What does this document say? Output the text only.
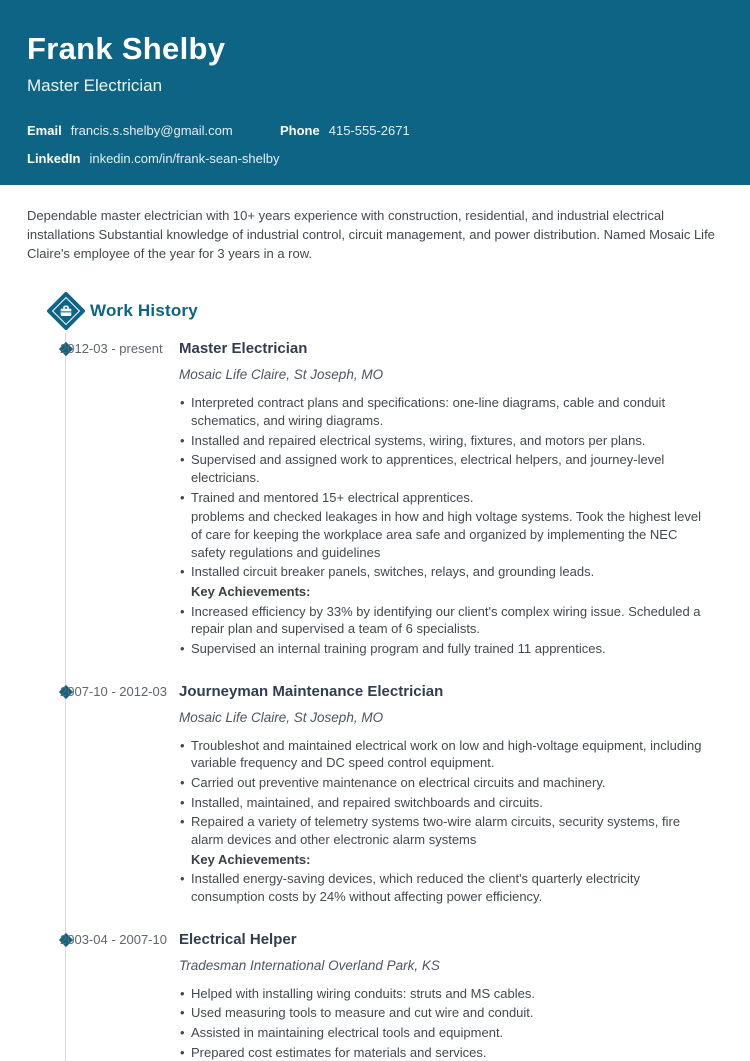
Frank Shelby
Master Electrician
Email francis.s.shelby@gmail.com	Phone 415-555-2671
LinkedIn inkedin.com/in/frank-sean-shelby

Dependable master electrician with 10+ years experience with construction, residential, and industrial electrical installations Substantial knowledge of industrial control, circuit management, and power distribution. Named Mosaic Life Claire's employee of the year for 3 years in a row.

Work History
2012-03 - present	Master Electrician
Mosaic Life Claire, St Joseph, MO
• Interpreted contract plans and specifications: one-line diagrams, cable and conduit schematics, and wiring diagrams.
• Installed and repaired electrical systems, wiring, fixtures, and motors per plans.
• Supervised and assigned work to apprentices, electrical helpers, and journey-level electricians.
• Trained and mentored 15+ electrical apprentices.
problems and checked leakages in how and high voltage systems. Took the highest level of care for keeping the workplace area safe and organized by implementing the NEC safety regulations and guidelines
• Installed circuit breaker panels, switches, relays, and grounding leads.
Key Achievements:
• Increased efficiency by 33% by identifying our client's complex wiring issue. Scheduled a repair plan and supervised a team of 6 specialists.
• Supervised an internal training program and fully trained 11 apprentices.
2007-10 - 2012-03 Journeyman Maintenance Electrician
Mosaic Life Claire, St Joseph, MO
• Troubleshot and maintained electrical work on low and high-voltage equipment, including variable frequency and DC speed control equipment.
• Carried out preventive maintenance on electrical circuits and machinery.
• Installed, maintained, and repaired switchboards and circuits.
• Repaired a variety of telemetry systems two-wire alarm circuits, security systems, fire alarm devices and other electronic alarm systems
Key Achievements:
• Installed energy-saving devices, which reduced the client's quarterly electricity consumption costs by 24% without affecting power efficiency.
2003-04 - 2007-10 Electrical Helper
Tradesman International Overland Park, KS
• Helped with installing wiring conduits: struts and MS cables.
• Used measuring tools to measure and cut wire and conduit.
• Assisted in maintaining electrical tools and equipment.
• Prepared cost estimates for materials and services.
